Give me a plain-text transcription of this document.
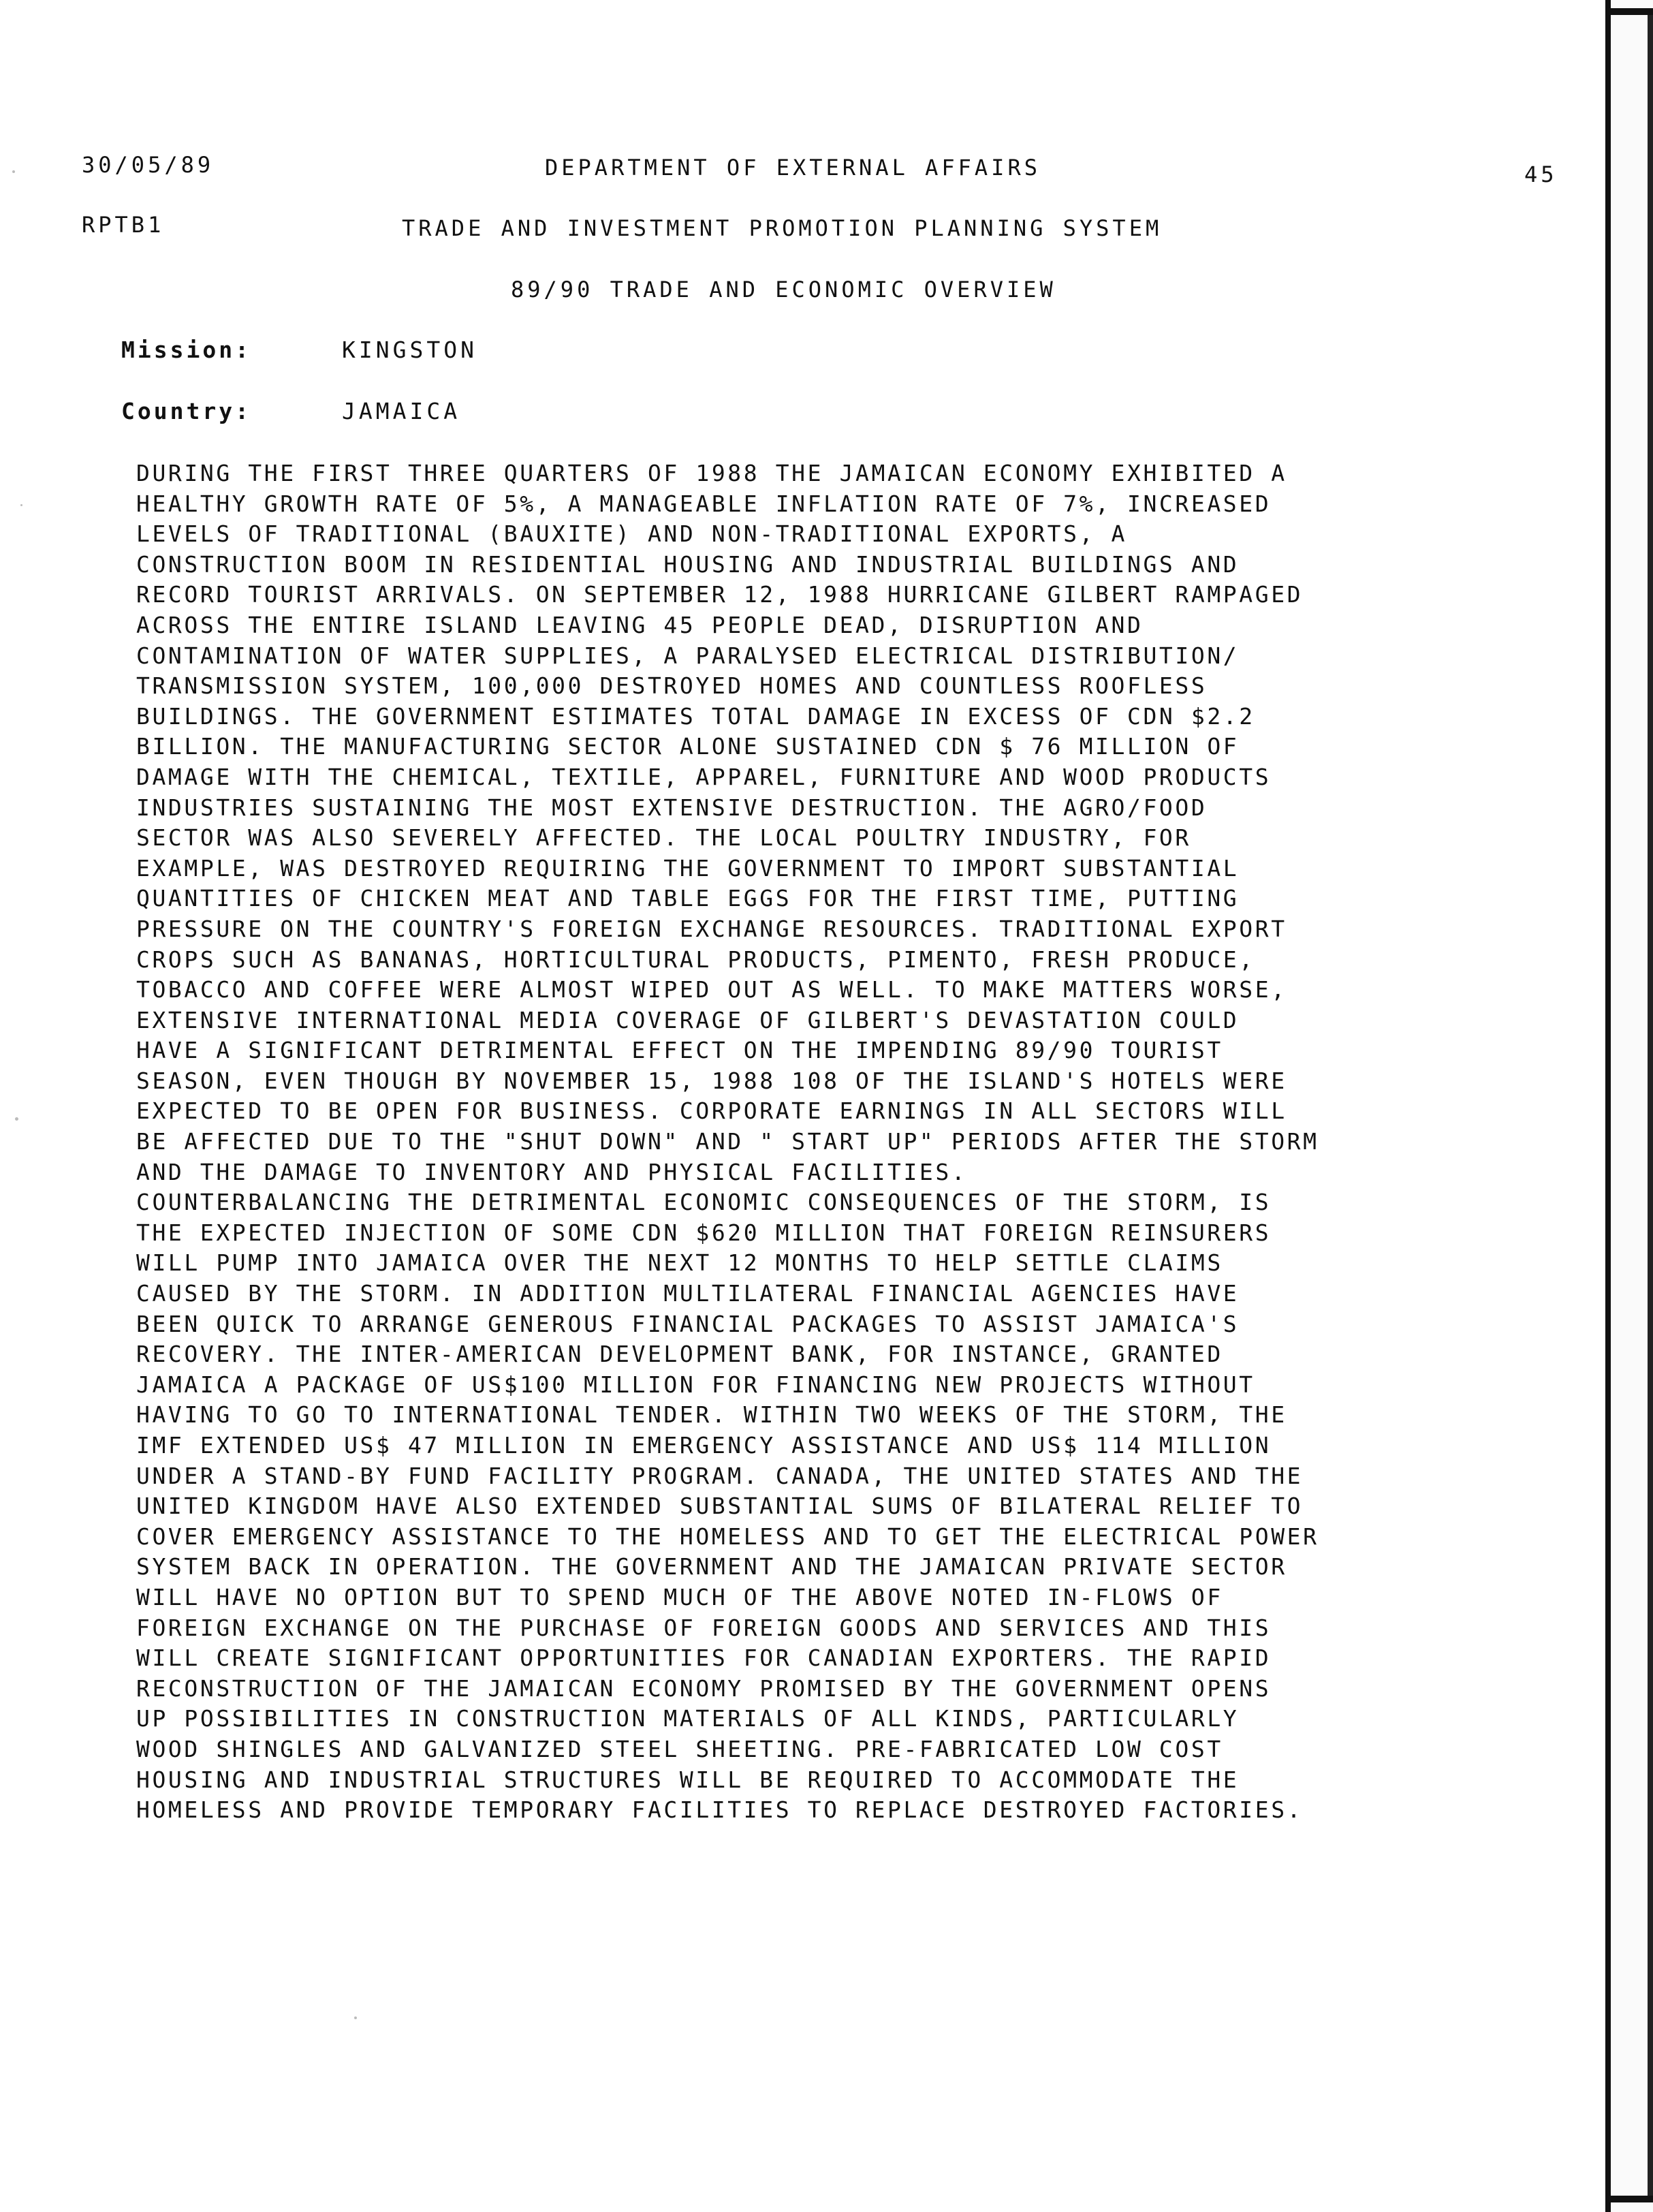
30/05/89	DEPARTMENT OF EXTERNAL AFFAIRS	45
RPTB1	TRADE AND INVESTMENT PROMOTION PLANNING SYSTEM
89/90 TRADE AND ECONOMIC OVERVIEW
Mission:	KINGSTON
Country:	JAMAICA
DURING THE FIRST THREE QUARTERS OF 1988 THE JAMAICAN ECONOMY EXHIBITED A
HEALTHY GROWTH RATE OF 5%, A MANAGEABLE INFLATION RATE OF 7%, INCREASED
LEVELS OF TRADITIONAL (BAUXITE) AND NON-TRADITIONAL EXPORTS, A
CONSTRUCTION BOOM IN RESIDENTIAL HOUSING AND INDUSTRIAL BUILDINGS AND
RECORD TOURIST ARRIVALS. ON SEPTEMBER 12, 1988 HURRICANE GILBERT RAMPAGED
ACROSS THE ENTIRE ISLAND LEAVING 45 PEOPLE DEAD, DISRUPTION AND
CONTAMINATION OF WATER SUPPLIES, A PARALYSED ELECTRICAL DISTRIBUTION/
TRANSMISSION SYSTEM, 100,000 DESTROYED HOMES AND COUNTLESS ROOFLESS
BUILDINGS. THE GOVERNMENT ESTIMATES TOTAL DAMAGE IN EXCESS OF CDN $2.2
BILLION. THE MANUFACTURING SECTOR ALONE SUSTAINED CDN $ 76 MILLION OF
DAMAGE WITH THE CHEMICAL, TEXTILE, APPAREL, FURNITURE AND WOOD PRODUCTS
INDUSTRIES SUSTAINING THE MOST EXTENSIVE DESTRUCTION. THE AGRO/FOOD
SECTOR WAS ALSO SEVERELY AFFECTED. THE LOCAL POULTRY INDUSTRY, FOR
EXAMPLE, WAS DESTROYED REQUIRING THE GOVERNMENT TO IMPORT SUBSTANTIAL
QUANTITIES OF CHICKEN MEAT AND TABLE EGGS FOR THE FIRST TIME, PUTTING
PRESSURE ON THE COUNTRY'S FOREIGN EXCHANGE RESOURCES. TRADITIONAL EXPORT
CROPS SUCH AS BANANAS, HORTICULTURAL PRODUCTS, PIMENTO, FRESH PRODUCE,
TOBACCO AND COFFEE WERE ALMOST WIPED OUT AS WELL. TO MAKE MATTERS WORSE,
EXTENSIVE INTERNATIONAL MEDIA COVERAGE OF GILBERT'S DEVASTATION COULD
HAVE A SIGNIFICANT DETRIMENTAL EFFECT ON THE IMPENDING 89/90 TOURIST
SEASON, EVEN THOUGH BY NOVEMBER 15, 1988 108 OF THE ISLAND'S HOTELS WERE
EXPECTED TO BE OPEN FOR BUSINESS. CORPORATE EARNINGS IN ALL SECTORS WILL
BE AFFECTED DUE TO THE "SHUT DOWN" AND " START UP" PERIODS AFTER THE STORM
AND THE DAMAGE TO INVENTORY AND PHYSICAL FACILITIES.
COUNTERBALANCING THE DETRIMENTAL ECONOMIC CONSEQUENCES OF THE STORM, IS
THE EXPECTED INJECTION OF SOME CDN $620 MILLION THAT FOREIGN REINSURERS
WILL PUMP INTO JAMAICA OVER THE NEXT 12 MONTHS TO HELP SETTLE CLAIMS
CAUSED BY THE STORM. IN ADDITION MULTILATERAL FINANCIAL AGENCIES HAVE
BEEN QUICK TO ARRANGE GENEROUS FINANCIAL PACKAGES TO ASSIST JAMAICA'S
RECOVERY. THE INTER-AMERICAN DEVELOPMENT BANK, FOR INSTANCE, GRANTED
JAMAICA A PACKAGE OF US$100 MILLION FOR FINANCING NEW PROJECTS WITHOUT
HAVING TO GO TO INTERNATIONAL TENDER. WITHIN TWO WEEKS OF THE STORM, THE
IMF EXTENDED US$ 47 MILLION IN EMERGENCY ASSISTANCE AND US$ 114 MILLION
UNDER A STAND-BY FUND FACILITY PROGRAM. CANADA, THE UNITED STATES AND THE
UNITED KINGDOM HAVE ALSO EXTENDED SUBSTANTIAL SUMS OF BILATERAL RELIEF TO
COVER EMERGENCY ASSISTANCE TO THE HOMELESS AND TO GET THE ELECTRICAL POWER
SYSTEM BACK IN OPERATION. THE GOVERNMENT AND THE JAMAICAN PRIVATE SECTOR
WILL HAVE NO OPTION BUT TO SPEND MUCH OF THE ABOVE NOTED IN-FLOWS OF
FOREIGN EXCHANGE ON THE PURCHASE OF FOREIGN GOODS AND SERVICES AND THIS
WILL CREATE SIGNIFICANT OPPORTUNITIES FOR CANADIAN EXPORTERS. THE RAPID
RECONSTRUCTION OF THE JAMAICAN ECONOMY PROMISED BY THE GOVERNMENT OPENS
UP POSSIBILITIES IN CONSTRUCTION MATERIALS OF ALL KINDS, PARTICULARLY
WOOD SHINGLES AND GALVANIZED STEEL SHEETING. PRE-FABRICATED LOW COST
HOUSING AND INDUSTRIAL STRUCTURES WILL BE REQUIRED TO ACCOMMODATE THE
HOMELESS AND PROVIDE TEMPORARY FACILITIES TO REPLACE DESTROYED FACTORIES.
